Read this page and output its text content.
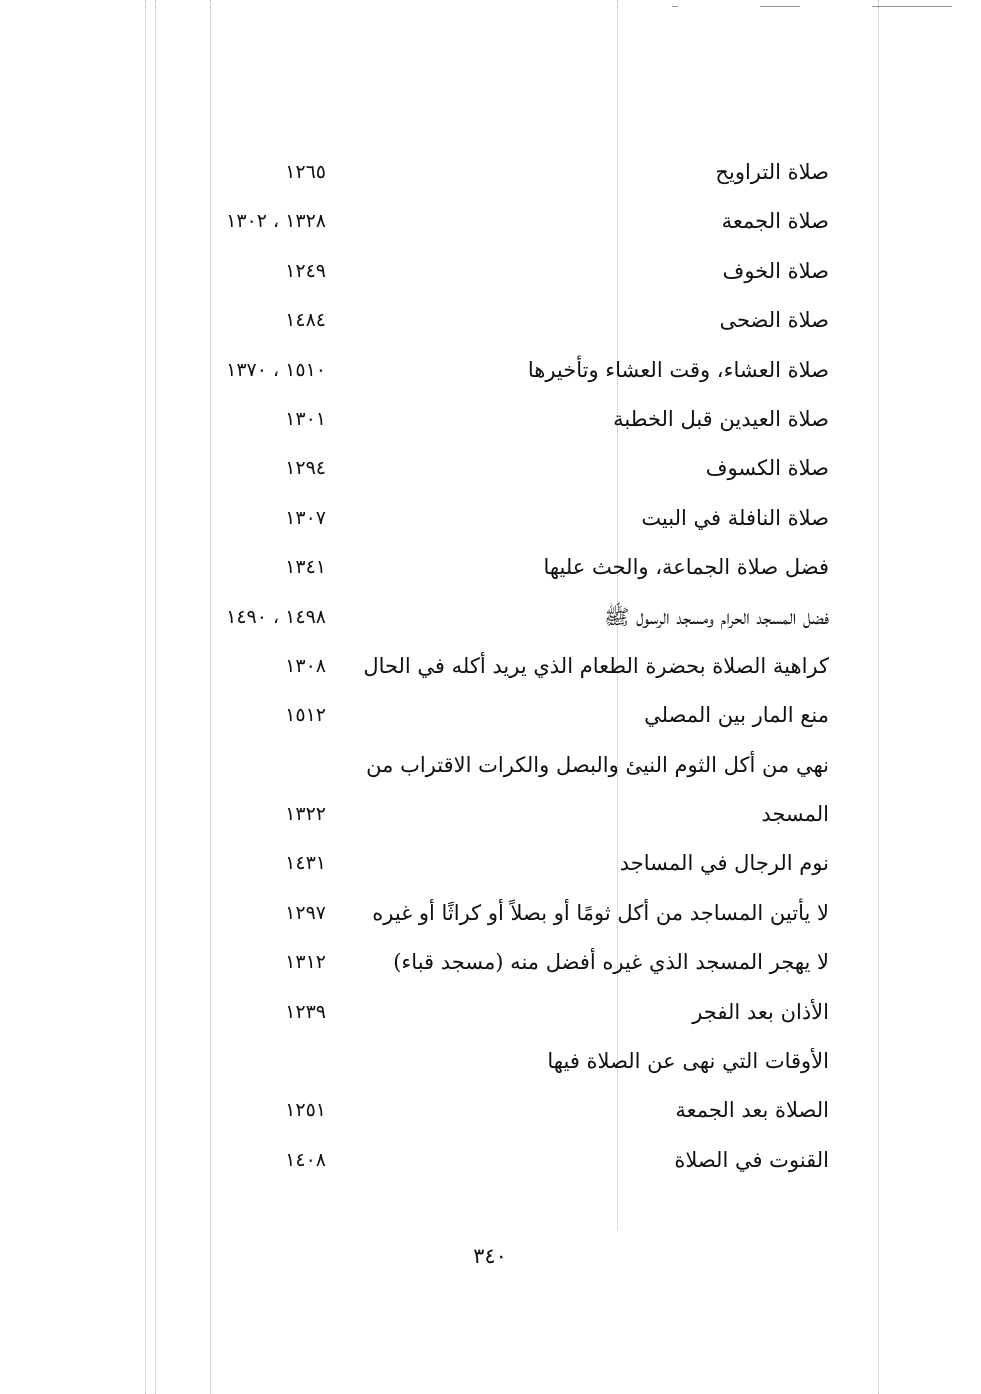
صلاة التراويح
١٢٦٥
صلاة الجمعة
١٣٢٨ ، ١٣٠٢
صلاة الخوف
١٢٤٩
صلاة الضحى
١٤٨٤
صلاة العشاء، وقت العشاء وتأخيرها
١٥١٠ ، ١٣٧٠
صلاة العيدين قبل الخطبة
١٣٠١
صلاة الكسوف
١٢٩٤
صلاة النافلة في البيت
١٣٠٧
فضل صلاة الجماعة، والحث عليها
١٣٤١
فضل المسجد الحرام ومسجد الرسول ﷺ
١٤٩٨ ، ١٤٩٠
كراهية الصلاة بحضرة الطعام الذي يريد أكله في الحال
١٣٠٨
منع المار بين المصلي
١٥١٢
نهي من أكل الثوم النيئ والبصل والكرات الاقتراب من
المسجد
١٣٢٢
نوم الرجال في المساجد
١٤٣١
لا يأتين المساجد من أكل ثومًا أو بصلاً أو كراثًا أو غيره
١٢٩٧
لا يهجر المسجد الذي غيره أفضل منه (مسجد قباء)
١٣١٢
الأذان بعد الفجر
١٢٣٩
الأوقات التي نهى عن الصلاة فيها
الصلاة بعد الجمعة
١٢٥١
القنوت في الصلاة
١٤٠٨
٣٤٠
